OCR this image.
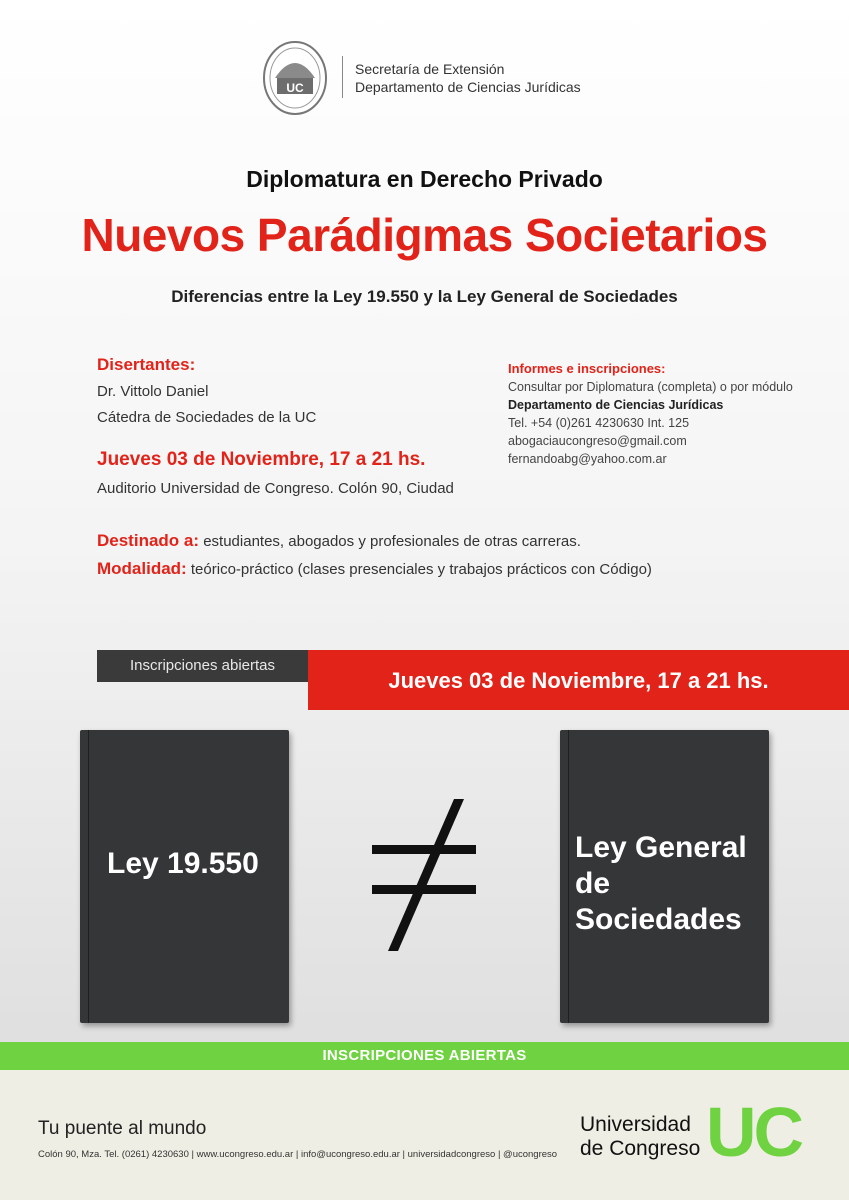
UC
Secretaría de Extensión
Departamento de Ciencias Jurídicas
Diplomatura en Derecho Privado
Nuevos Parádigmas Societarios
Diferencias entre la Ley 19.550 y la Ley General de Sociedades
Disertantes:
Dr. Vittolo Daniel
Cátedra de Sociedades de la UC
Jueves 03 de Noviembre, 17 a 21 hs.
Auditorio Universidad de Congreso. Colón 90, Ciudad
Informes e inscripciones:
Consultar por Diplomatura (completa) o por módulo
Departamento de Ciencias Jurídicas
Tel. +54 (0)261 4230630 Int. 125
abogaciaucongreso@gmail.com
fernandoabg@yahoo.com.ar
Destinado a: estudiantes, abogados y profesionales de otras carreras.
Modalidad: teórico-práctico (clases presenciales y trabajos prácticos con Código)
Inscripciones abiertas
Jueves 03 de Noviembre, 17 a 21 hs.
Ley 19.550	Ley General
de Sociedades
INSCRIPCIONES ABIERTAS
Tu puente al mundo
Colón 90, Mza. Tel. (0261) 4230630 | www.ucongreso.edu.ar | info@ucongreso.edu.ar | universidadcongreso | @ucongreso
Universidad
de Congreso UC
